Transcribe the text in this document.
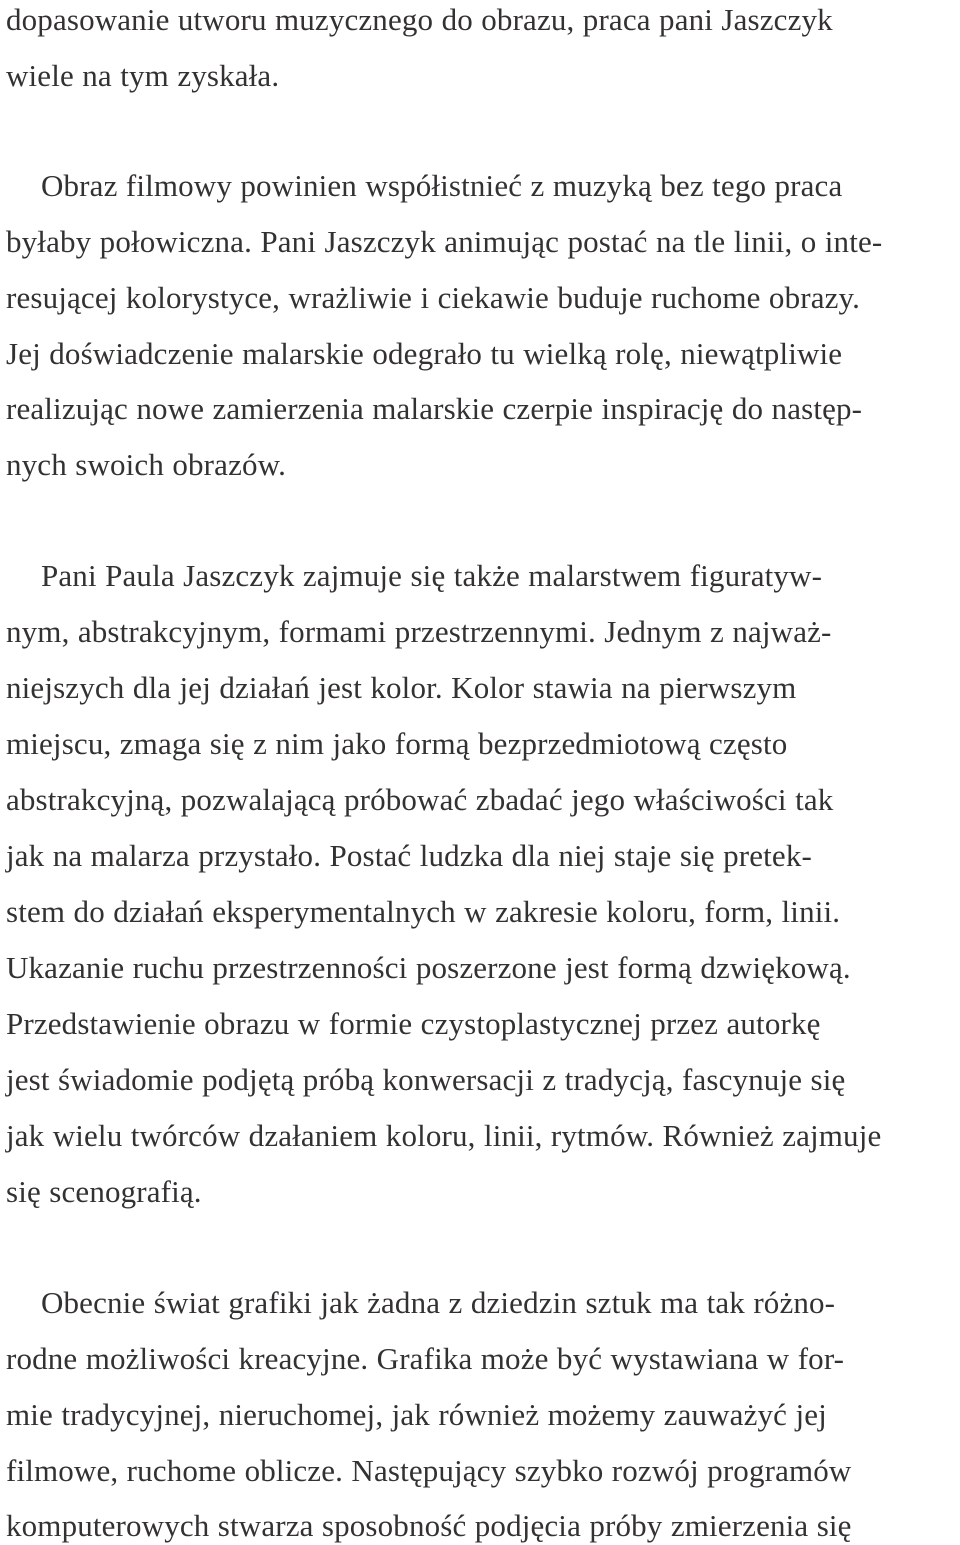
dopasowanie utworu muzycznego do obrazu, praca pani Jaszczyk
wiele na tym zyskała.
Obraz filmowy powinien współistnieć z muzyką bez tego praca
byłaby połowiczna. Pani Jaszczyk animując postać na tle linii, o inte-
resującej kolorystyce, wrażliwie i ciekawie buduje ruchome obrazy.
Jej doświadczenie malarskie odegrało tu wielką rolę, niewątpliwie
realizując nowe zamierzenia malarskie czerpie inspirację do następ-
nych swoich obrazów.
Pani Paula Jaszczyk zajmuje się także malarstwem figuratyw-
nym, abstrakcyjnym, formami przestrzennymi. Jednym z najważ-
niejszych dla jej działań jest kolor. Kolor stawia na pierwszym
miejscu, zmaga się z nim jako formą bezprzedmiotową często
abstrakcyjną, pozwalającą próbować zbadać jego właściwości tak
jak na malarza przystało. Postać ludzka dla niej staje się pretek-
stem do działań eksperymentalnych w zakresie koloru, form, linii.
Ukazanie ruchu przestrzenności poszerzone jest formą dzwiękową.
Przedstawienie obrazu w formie czystoplastycznej przez autorkę
jest świadomie podjętą próbą konwersacji z tradycją, fascynuje się
jak wielu twórców dzałaniem koloru, linii, rytmów. Również zajmuje
się scenografią.
Obecnie świat grafiki jak żadna z dziedzin sztuk ma tak różno-
rodne możliwości kreacyjne. Grafika może być wystawiana w for-
mie tradycyjnej, nieruchomej, jak również możemy zauważyć jej
filmowe, ruchome oblicze. Następujący szybko rozwój programów
komputerowych stwarza sposobność podjęcia próby zmierzenia się
